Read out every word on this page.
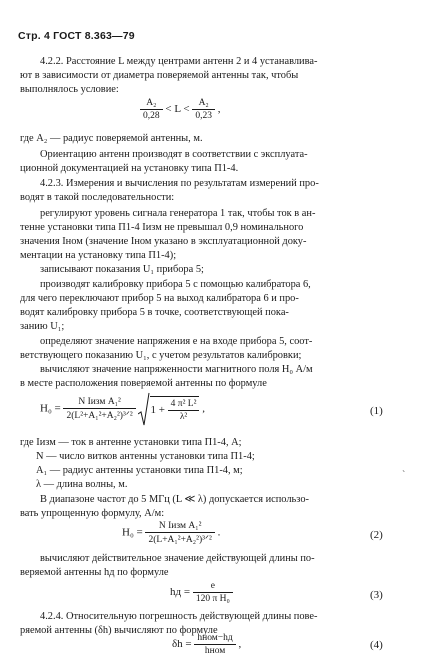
Стр. 4 ГОСТ 8.363—79
4.2.2. Расстояние L между центрами антенн 2 и 4 устанавлива-
ют в зависимости от диаметра поверяемой антенны так, чтобы
выполнялось условие:
$\frac{\text{A₂}}{0,28} < L < \frac{\text{A₂}}{0,23}$ ,
где A₂ — радиус поверяемой антенны, м.
Ориентацию антенн производят в соответствии с эксплуата-
ционной документацией на установку типа П1-4.
4.2.3. Измерения и вычисления по результатам измерений про-
водят в такой последовательности:
регулируют уровень сигнала генератора 1 так, чтобы ток в ан-
тенне установки типа П1-4 Iизм не превышал 0,9 номинального
значения Iном (значение Iном указано в эксплуатационной доку-
ментации на установку типа П1-4);
записывают показания U₁ прибора 5;
производят калибровку прибора 5 с помощью калибратора 6,
для чего переключают прибор 5 на выход калибратора 6 и про-
водят калибровку прибора 5 в точке, соответствующей пока-
занию U₁;
определяют значение напряжения e на входе прибора 5, соот-
ветствующего показанию U₁, с учетом результатов калибровки;
вычисляют значение напряженности магнитного поля H₀ А/м
в месте расположения поверяемой антенны по формуле
$H_0 = \frac{\text{N Iизм A₁²}}{\text{2(L²+A₁²+A₂²)³ᐟ²}} 1 + \frac{\text{4 π² L²}}{\text{λ²}}$ ,	(1)
где Iизм — ток в антенне установки типа П1-4, А;
N — число витков антенны установки типа П1-4;
A₁ — радиус антенны установки типа П1-4, м;
λ — длина волны, м.
ˋ
В диапазоне частот до 5 МГц (L ≪ λ) допускается использо-
вать упрощенную формулу, А/м:
$H_0 = \frac{\text{N Iизм A₁²}}{\text{2(L+A₁²+A₂²)³ᐟ²}}$ .	(2)
вычисляют действительное значение действующей длины по-
веряемой антенны hд по формуле
hд = $\frac{e}{\text{120 π H₀}}$	(3)
4.2.4. Относительную погрешность действующей длины пове-
ряемой антенны (δh) вычисляют по формуле
$\delta h = \frac{\text{hном−hд}}{\text{hном}}$ ,	(4)
